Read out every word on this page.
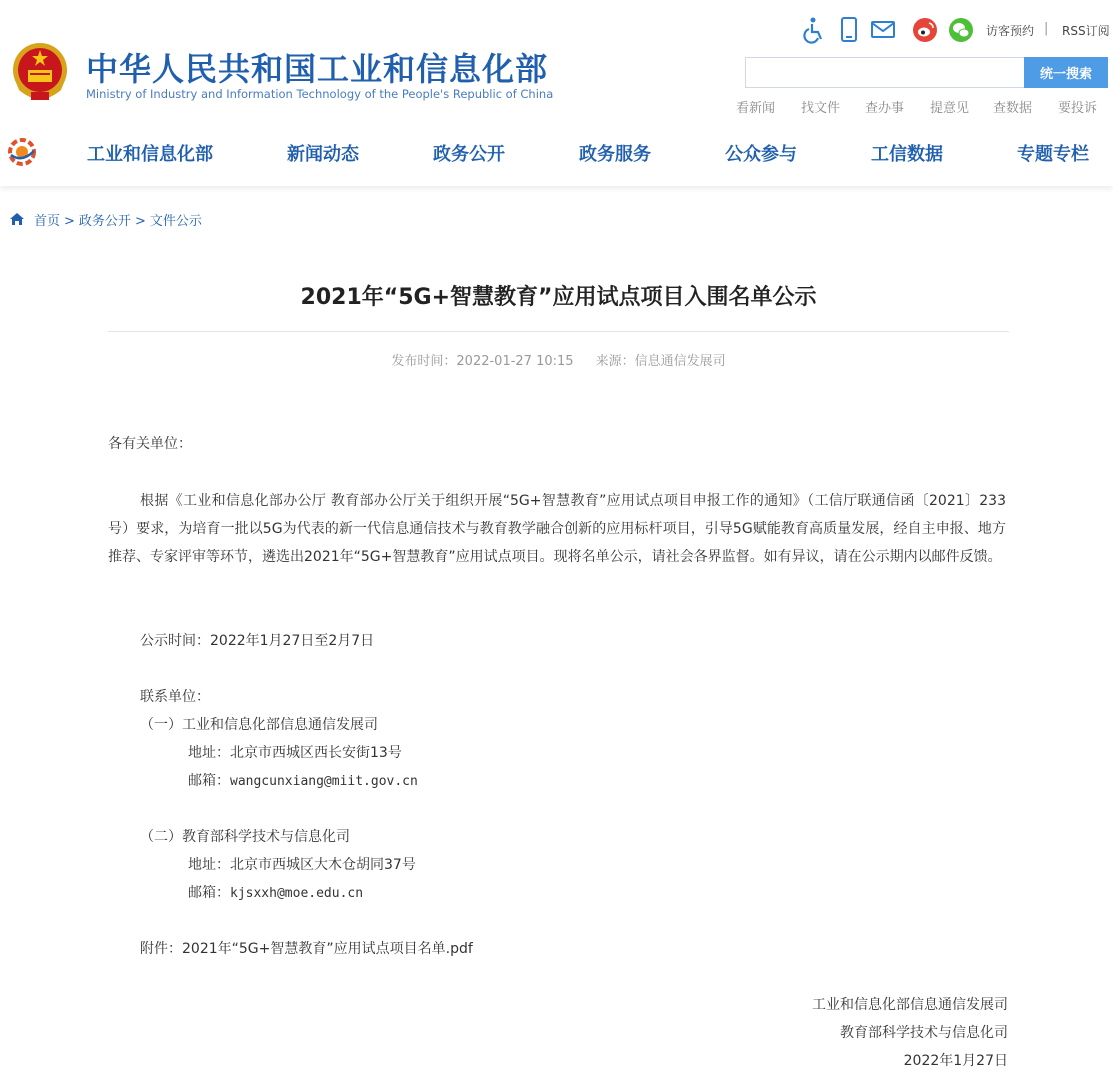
中华人民共和国工业和信息化部
Ministry of Industry and Information Technology of the People's Republic of China
访客预约 | RSS订阅
统一搜索
看新闻 找文件 查办事 提意见 查数据 要投诉
工业和信息化部	新闻动态	政务公开	政务服务	公众参与	工信数据	专题专栏
首页 > 政务公开 > 文件公示
2021年“5G+智慧教育”应用试点项目入围名单公示
发布时间：2022-01-27 10:15 来源：信息通信发展司
各有关单位：
根据《工业和信息化部办公厅 教育部办公厅关于组织开展“5G+智慧教育”应用试点项目申报工作的通知》（工信厅联通信函〔2021〕233号）要求，为培育一批以5G为代表的新一代信息通信技术与教育教学融合创新的应用标杆项目，引导5G赋能教育高质量发展，经自主申报、地方推荐、专家评审等环节，遴选出2021年“5G+智慧教育”应用试点项目。现将名单公示，请社会各界监督。如有异议，请在公示期内以邮件反馈。
公示时间：2022年1月27日至2月7日
联系单位：
（一）工业和信息化部信息通信发展司
地址：北京市西城区西长安街13号
邮箱：wangcunxiang@miit.gov.cn
（二）教育部科学技术与信息化司
地址：北京市西城区大木仓胡同37号
邮箱：kjsxxh@moe.edu.cn
附件：2021年“5G+智慧教育”应用试点项目名单.pdf
工业和信息化部信息通信发展司
教育部科学技术与信息化司
2022年1月27日
